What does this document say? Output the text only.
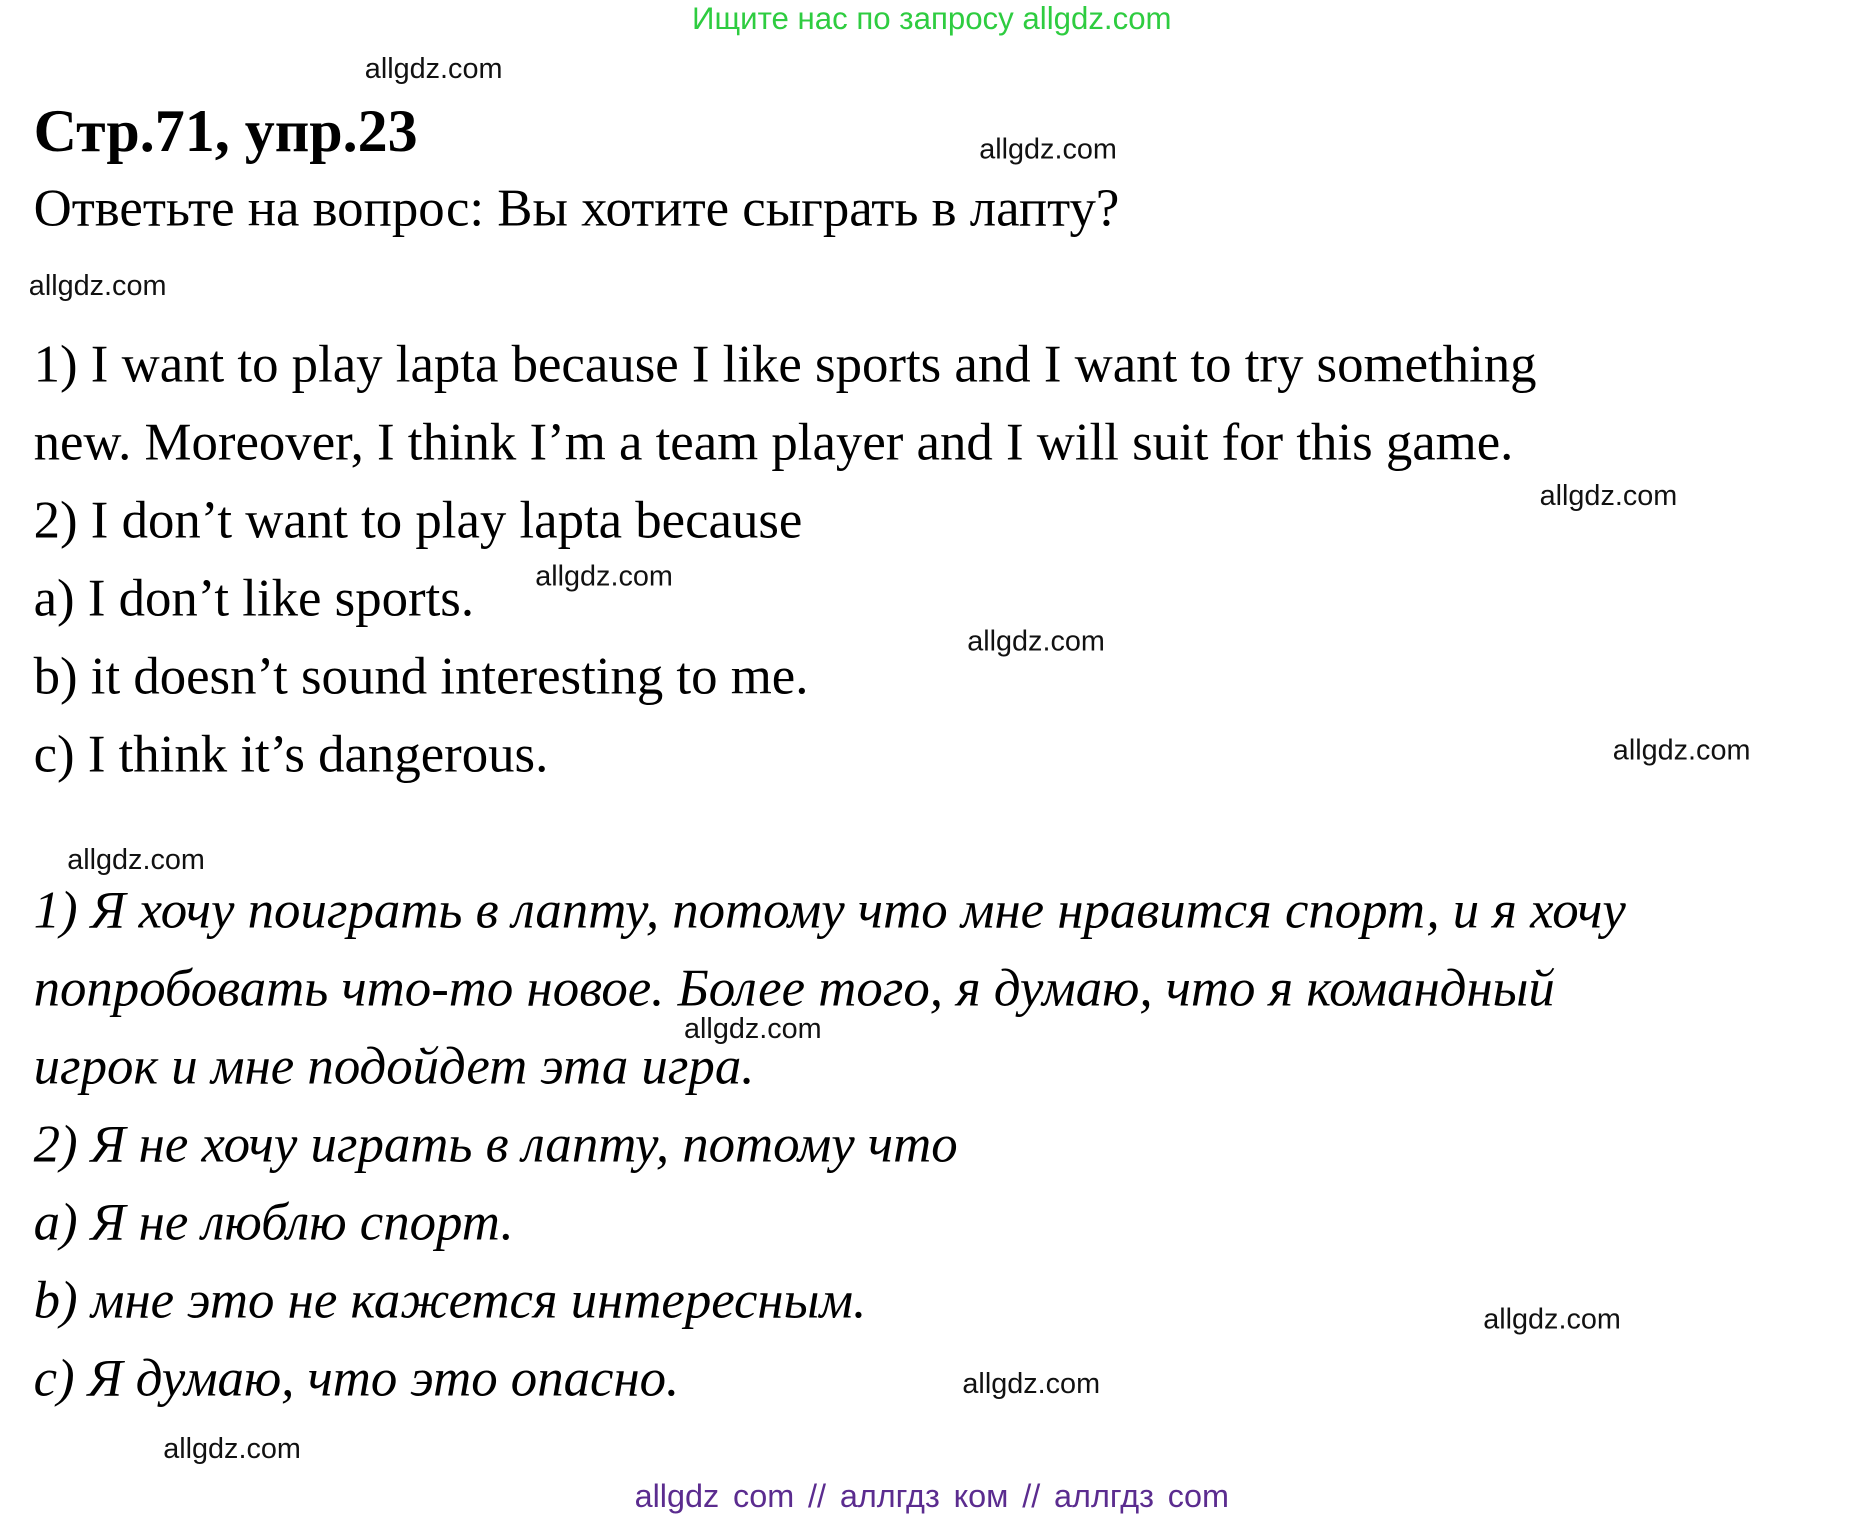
Ищите нас по запросу allgdz.com
allgdz.com
Стр.71, упр.23	allgdz.com
Ответьте на вопрос: Вы хотите сыграть в лапту?
allgdz.com
1) I want to play lapta because I like sports and I want to try something
new. Moreover, I think I’m a team player and I will suit for this game.
allgdz.com
2) I don’t want to play lapta because
a) I don’t like sports.	allgdz.com
allgdz.com
b) it doesn’t sound interesting to me.
c) I think it’s dangerous.	allgdz.com
allgdz.com
1) Я хочу поиграть в лапту, потому что мне нравится спорт, и я хочу
попробовать что-то новое. Более того, я думаю, что я командный
allgdz.com
игрок и мне подойдет эта игра.
2) Я не хочу играть в лапту, потому что
а) Я не люблю спорт.
b) мне это не кажется интересным.	allgdz.com
с) Я думаю, что это опасно.	allgdz.com
allgdz.com
allgdz com // аллгдз ком // аллгдз com
